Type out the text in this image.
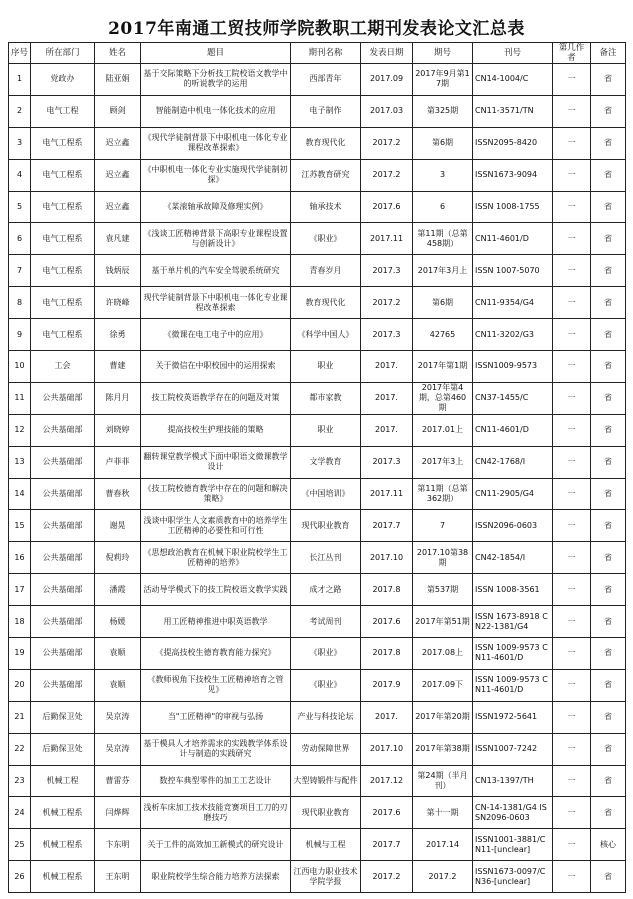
2017年南通工贸技师学院教职工期刊发表论文汇总表
序号	所在部门	姓名	题目	期刊名称	发表日期	期号	刊号	第几作者	备注
1	党政办	陆亚娟	基于交际策略下分析技工院校语文教学中的听说教学的运用	西部青年	2017.09	2017年9月第17期	CN14-1004/C	一	省
2	电气工程	顾剑	智能制造中机电一体化技术的应用	电子制作	2017.03	第325期	CN11-3571/TN	一	省
3	电气工程系	迟立鑫	《现代学徒制背景下中职机电一体化专业课程改革探索》	教育现代化	2017.2	第6期	ISSN2095-8420	一	省
4	电气工程系	迟立鑫	《中职机电一体化专业实施现代学徒制初探》	江苏教育研究	2017.2	3	ISSN1673-9094	一	省
5	电气工程系	迟立鑫	《某滚轴承故障及修理实例》	轴承技术	2017.6	6	ISSN 1008-1755	一	省
6	电气工程系	袁凡建	《浅谈工匠精神背景下高职专业课程设置与创新设计》	《职业》	2017.11	第11期（总第458期）	CN11-4601/D	一	省
7	电气工程系	钱炳辰	基于单片机的汽车安全驾驶系统研究	青春岁月	2017.3	2017年3月上	ISSN 1007-5070	一	省
8	电气工程系	许晓峰	现代学徒制背景下中职机电一体化专业课程改革探索	教育现代化	2017.2	第6期	CN11-9354/G4	一	省
9	电气工程系	徐勇	《微课在电工电子中的应用》	《科学中国人》	2017.3	42765	CN11-3202/G3	一	省
10	工会	曹建	关于微信在中职校园中的运用探索	职业	2017.	2017年第1期	ISSN1009-9573	一	省
11	公共基础部	陈月月	技工院校英语教学存在的问题及对策	都市家教	2017.	2017年第4期，总第460期	CN37-1455/C	一	省
12	公共基础部	刘晓婷	提高技校生护理技能的策略	职业	2017.	2017.01上	CN11-4601/D	一	省
13	公共基础部	卢菲菲	翻转课堂教学模式下面中职语文微课教学设计	文学教育	2017.3	2017年3上	CN42-1768/I	一	省
14	公共基础部	曹春秋	《技工院校德育教学中存在的问题和解决策略》	《中国培训》	2017.11	第11期（总第362期）	CN11-2905/G4	一	省
15	公共基础部	谢晃	浅谈中职学生人文素质教育中的培养学生工匠精神的必要性和可行性	现代职业教育	2017.7	7	ISSN2096-0603	一	省
16	公共基础部	倪莉玲	《思想政治教育在机械下职业院校学生工匠精神的培养》	长江丛刊	2017.10	2017.10第38期	CN42-1854/I	一	省
17	公共基础部	潘霞	活动导学模式下的技工院校语文教学实践	成才之路	2017.8	第537期	ISSN 1008-3561	一	省
18	公共基础部	杨媛	用工匠精神推进中职英语教学	考试周刊	2017.6	2017年第51期	ISSN 1673-8918 CN22-1381/G4	一	省
19	公共基础部	袁顺	《提高技校生德育教育能力探究》	《职业》	2017.8	2017.08上	ISSN 1009-9573 CN11-4601/D	一	省
20	公共基础部	袁顺	《教师视角下技校生工匠精神培育之管见》	《职业》	2017.9	2017.09下	ISSN 1009-9573 CN11-4601/D	一	省
21	后勤保卫处	吴京涛	当"工匠精神"的审视与弘扬	产业与科技论坛	2017.	2017年第20期	ISSN1972-5641	一	省
22	后勤保卫处	吴京涛	基于模具人才培养需求的实践教学体系设计与制造的实践研究	劳动保障世界	2017.10	2017年第38期	ISSN1007-7242	一	省
23	机械工程	曹雷芬	数控车典型零件的加工工艺设计	大型铸锻件与配件	2017.12	第24期（半月刊）	CN13-1397/TH	一	省
24	机械工程系	闫烨辉	浅析车床加工技术技能竞赛项目工刀的刃磨技巧	现代职业教育	2017.6	第十一期	CN-14-1381/G4 ISSN2096-0603	一	省
25	机械工程系	卞东明	关于工件的高效加工新模式的研究设计	机械与工程	2017.7	2017.14	ISSN1001-3881/CN11-[unclear]	一	核心
26	机械工程系	王东明	职业院校学生综合能力培养方法探索	江西电力职业技术学院学报	2017.2	2017.2	ISSN1673-0097/CN36-[unclear]	一	省
